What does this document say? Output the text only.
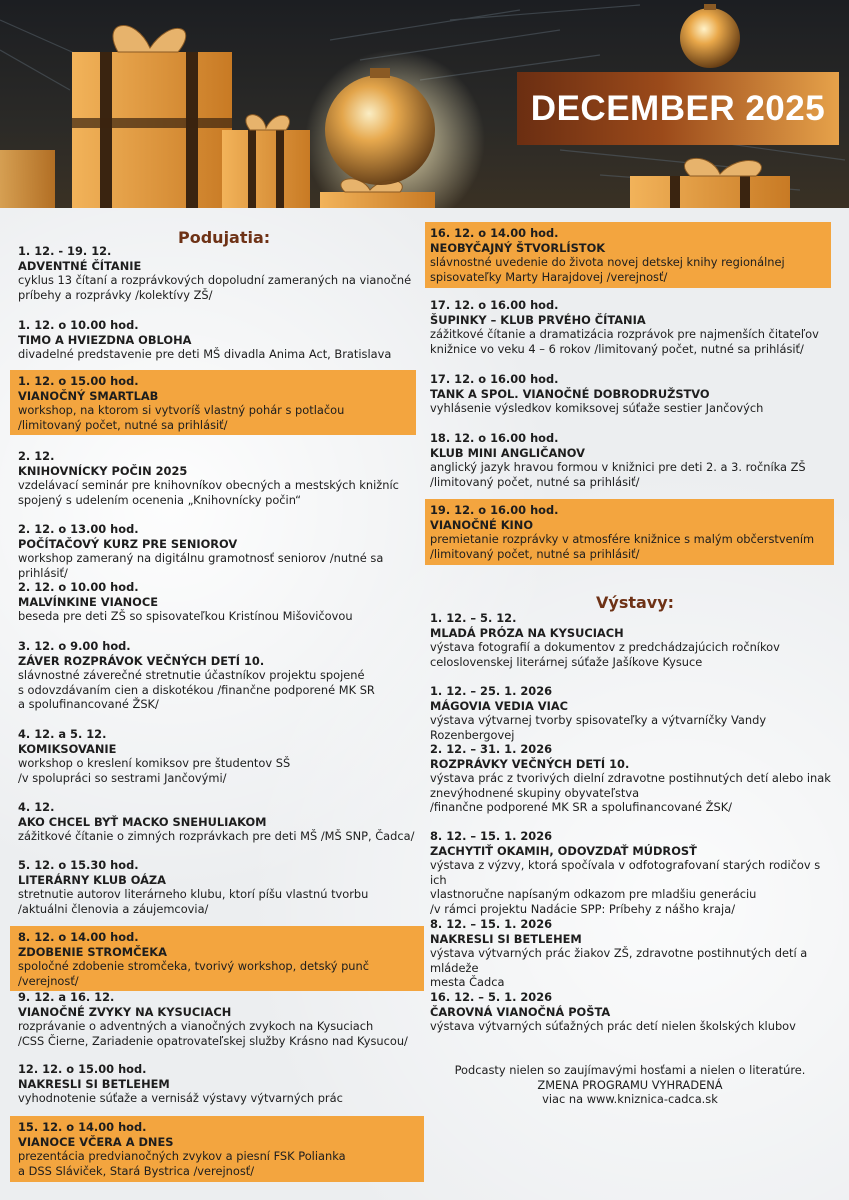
DECEMBER 2025
Podujatia:
Výstavy:
1. 12. - 19. 12.
ADVENTNÉ ČÍTANIE
cyklus 13 čítaní a rozprávkových dopoludní zameraných na vianočné
príbehy a rozprávky /kolektívy ZŠ/
1. 12. o 10.00 hod.
TIMO A HVIEZDNA OBLOHA
divadelné predstavenie pre deti MŠ divadla Anima Act, Bratislava
1. 12. o 15.00 hod.
VIANOČNÝ SMARTLAB
workshop, na ktorom si vytvoríš vlastný pohár s potlačou
/limitovaný počet, nutné sa prihlásiť/
2. 12.
KNIHOVNÍCKY POČIN 2025
vzdelávací seminár pre knihovníkov obecných a mestských knižníc
spojený s udelením ocenenia „Knihovnícky počin“
2. 12. o 13.00 hod.
POČÍTAČOVÝ KURZ PRE SENIOROV
workshop zameraný na digitálnu gramotnosť seniorov /nutné sa prihlásiť/
2. 12. o 10.00 hod.
MALVÍNKINE VIANOCE
beseda pre deti ZŠ so spisovateľkou Kristínou Mišovičovou
3. 12. o 9.00 hod.
ZÁVER ROZPRÁVOK VEČNÝCH DETÍ 10.
slávnostné záverečné stretnutie účastníkov projektu spojené
s odovzdávaním cien a diskotékou /finančne podporené MK SR
a spolufinancované ŽSK/
4. 12. a 5. 12.
KOMIKSOVANIE
workshop o kreslení komiksov pre študentov SŠ
/v spolupráci so sestrami Jančovými/
4. 12.
AKO CHCEL BYŤ MACKO SNEHULIAKOM
zážitkové čítanie o zimných rozprávkach pre deti MŠ /MŠ SNP, Čadca/
5. 12. o 15.30 hod.
LITERÁRNY KLUB OÁZA
stretnutie autorov literárneho klubu, ktorí píšu vlastnú tvorbu
/aktuálni členovia a záujemcovia/
8. 12. o 14.00 hod.
ZDOBENIE STROMČEKA
spoločné zdobenie stromčeka, tvorivý workshop, detský punč /verejnosť/
9. 12. a 16. 12.
VIANOČNÉ ZVYKY NA KYSUCIACH
rozprávanie o adventných a vianočných zvykoch na Kysuciach
/CSS Čierne, Zariadenie opatrovateľskej služby Krásno nad Kysucou/
12. 12. o 15.00 hod.
NAKRESLI SI BETLEHEM
vyhodnotenie súťaže a vernisáž výstavy výtvarných prác
15. 12. o 14.00 hod.
VIANOCE VČERA A DNES
prezentácia predvianočných zvykov a piesní FSK Polianka
a DSS Sláviček, Stará Bystrica /verejnosť/
16. 12. o 14.00 hod.
NEOBYČAJNÝ ŠTVORLÍSTOK
slávnostné uvedenie do života novej detskej knihy regionálnej
spisovateľky Marty Harajdovej /verejnosť/
17. 12. o 16.00 hod.
ŠUPINKY – KLUB PRVÉHO ČÍTANIA
zážitkové čítanie a dramatizácia rozprávok pre najmenších čitateľov
knižnice vo veku 4 – 6 rokov /limitovaný počet, nutné sa prihlásiť/
17. 12. o 16.00 hod.
TANK A SPOL. VIANOČNÉ DOBRODRUŽSTVO
vyhlásenie výsledkov komiksovej súťaže sestier Jančových
18. 12. o 16.00 hod.
KLUB MINI ANGLIČANOV
anglický jazyk hravou formou v knižnici pre deti 2. a 3. ročníka ZŠ
/limitovaný počet, nutné sa prihlásiť/
19. 12. o 16.00 hod.
VIANOČNÉ KINO
premietanie rozprávky v atmosfére knižnice s malým občerstvením
/limitovaný počet, nutné sa prihlásiť/
1. 12. – 5. 12.
MLADÁ PRÓZA NA KYSUCIACH
výstava fotografií a dokumentov z predchádzajúcich ročníkov
celoslovenskej literárnej súťaže Jašíkove Kysuce
1. 12. – 25. 1. 2026
MÁGOVIA VEDIA VIAC
výstava výtvarnej tvorby spisovateľky a výtvarníčky Vandy Rozenbergovej
2. 12. – 31. 1. 2026
ROZPRÁVKY VEČNÝCH DETÍ 10.
výstava prác z tvorivých dielní zdravotne postihnutých detí alebo inak
znevýhodnené skupiny obyvateľstva
/finančne podporené MK SR a spolufinancované ŽSK/
8. 12. – 15. 1. 2026
ZACHYTIŤ OKAMIH, ODOVZDAŤ MÚDROSŤ
výstava z výzvy, ktorá spočívala v odfotografovaní starých rodičov s ich
vlastnoručne napísaným odkazom pre mladšiu generáciu
/v rámci projektu Nadácie SPP: Príbehy z nášho kraja/
8. 12. – 15. 1. 2026
NAKRESLI SI BETLEHEM
výstava výtvarných prác žiakov ZŠ, zdravotne postihnutých detí a mládeže
mesta Čadca
16. 12. – 5. 1. 2026
ČAROVNÁ VIANOČNÁ POŠTA
výstava výtvarných súťažných prác detí nielen školských klubov
Podcasty nielen so zaujímavými hosťami a nielen o literatúre.
ZMENA PROGRAMU VYHRADENÁ
viac na www.kniznica-cadca.sk
